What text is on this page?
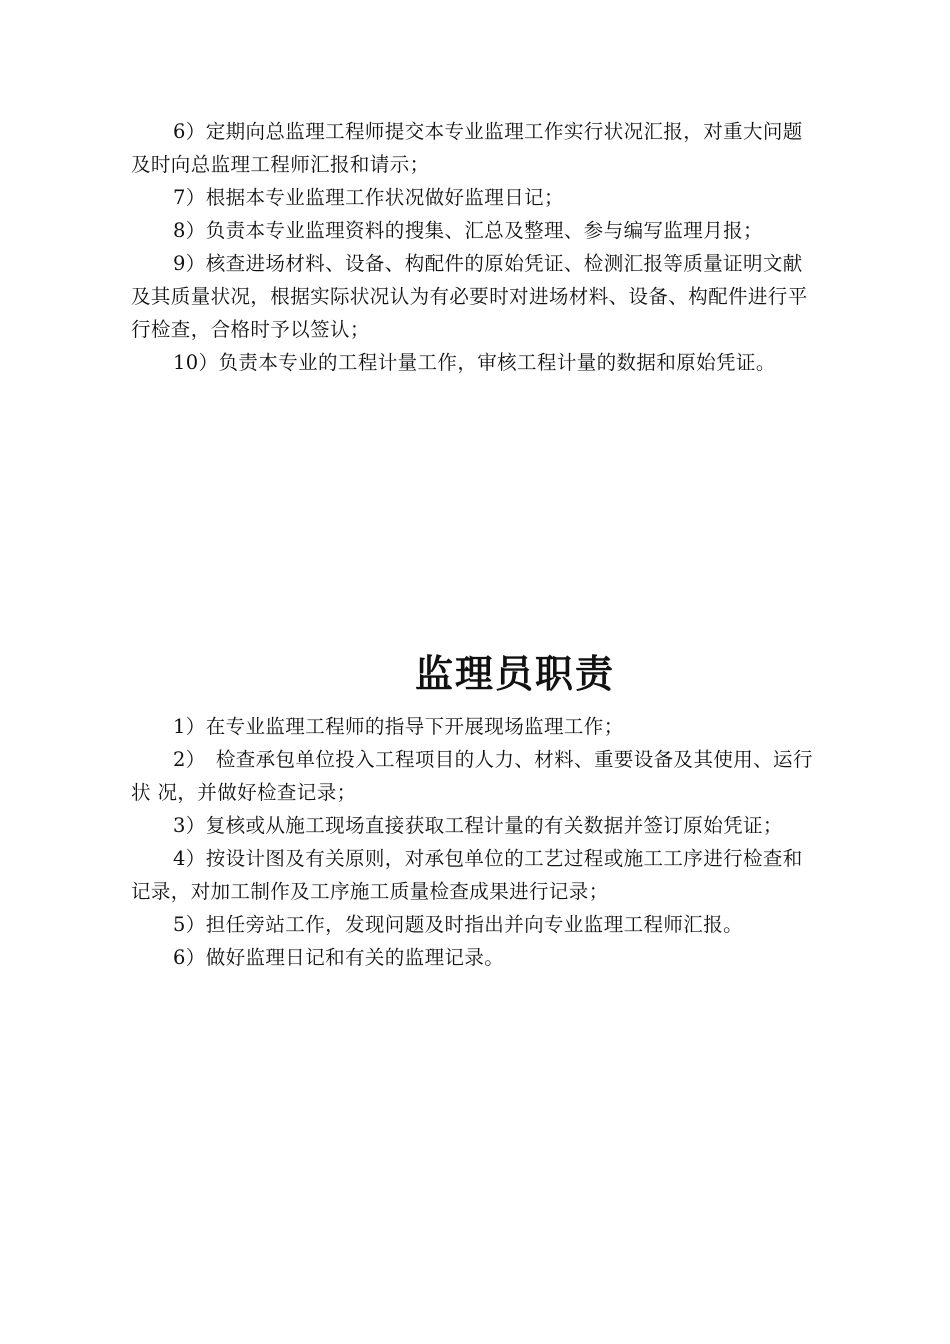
6）定期向总监理工程师提交本专业监理工作实行状况汇报，对重大问题及时向总监理工程师汇报和请示；

7）根据本专业监理工作状况做好监理日记；

8）负责本专业监理资料的搜集、汇总及整理、参与编写监理月报；

9）核查进场材料、设备、构配件的原始凭证、检测汇报等质量证明文献及其质量状况，根据实际状况认为有必要时对进场材料、设备、构配件进行平行检查，合格时予以签认；

10）负责本专业的工程计量工作，审核工程计量的数据和原始凭证。

监理员职责

1）在专业监理工程师的指导下开展现场监理工作；

2）　检查承包单位投入工程项目的人力、材料、重要设备及其使用、运行状 况，并做好检查记录；

3）复核或从施工现场直接获取工程计量的有关数据并签订原始凭证；

4）按设计图及有关原则，对承包单位的工艺过程或施工工序进行检查和记录，对加工制作及工序施工质量检查成果进行记录；

5）担任旁站工作，发现问题及时指出并向专业监理工程师汇报。

6）做好监理日记和有关的监理记录。
